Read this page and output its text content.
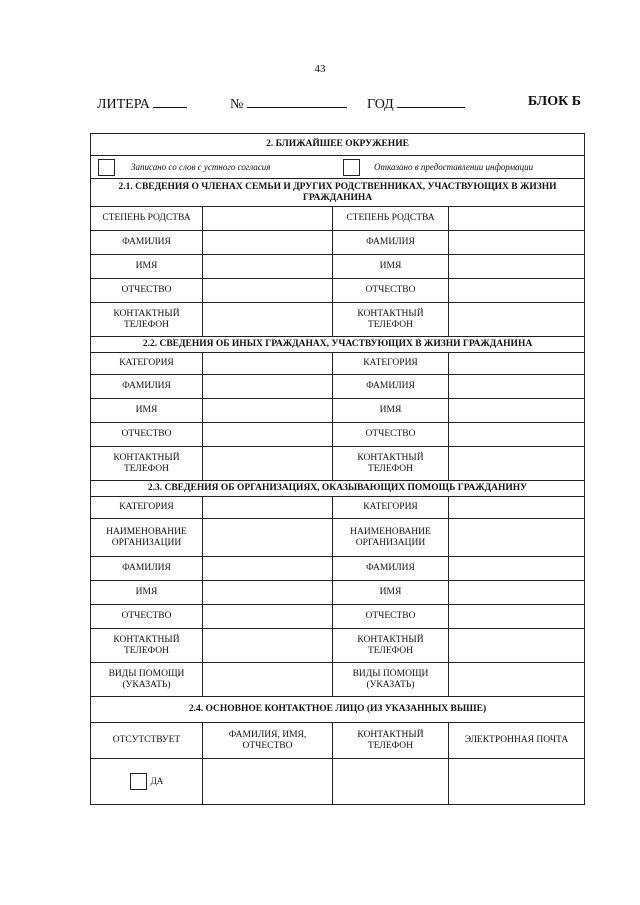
43
ЛИТЕРА	№	ГОД	БЛОК Б
2. БЛИЖАЙШЕЕ ОКРУЖЕНИЕ			

Записано со слов с устного согласия Отказано в предоставлении информации			

2.1. СВЕДЕНИЯ О ЧЛЕНАХ СЕМЬИ И ДРУГИХ РОДСТВЕННИКАХ, УЧАСТВУЮЩИХ В ЖИЗНИ ГРАЖДАНИНА			
СТЕПЕНЬ РОДСТВА		СТЕПЕНЬ РОДСТВА	
ФАМИЛИЯ		ФАМИЛИЯ	
ИМЯ		ИМЯ	
ОТЧЕСТВО		ОТЧЕСТВО	
КОНТАКТНЫЙ ТЕЛЕФОН		КОНТАКТНЫЙ ТЕЛЕФОН	
2.2. СВЕДЕНИЯ ОБ ИНЫХ ГРАЖДАНАХ, УЧАСТВУЮЩИХ В ЖИЗНИ ГРАЖДАНИНА			
КАТЕГОРИЯ		КАТЕГОРИЯ	
ФАМИЛИЯ		ФАМИЛИЯ	
ИМЯ		ИМЯ	
ОТЧЕСТВО		ОТЧЕСТВО	
КОНТАКТНЫЙ ТЕЛЕФОН		КОНТАКТНЫЙ ТЕЛЕФОН	
2.3. СВЕДЕНИЯ ОБ ОРГАНИЗАЦИЯХ, ОКАЗЫВАЮЩИХ ПОМОЩЬ ГРАЖДАНИНУ			
КАТЕГОРИЯ		КАТЕГОРИЯ	
НАИМЕНОВАНИЕ ОРГАНИЗАЦИИ		НАИМЕНОВАНИЕ ОРГАНИЗАЦИИ	
ФАМИЛИЯ		ФАМИЛИЯ	
ИМЯ		ИМЯ	
ОТЧЕСТВО		ОТЧЕСТВО	
КОНТАКТНЫЙ ТЕЛЕФОН		КОНТАКТНЫЙ ТЕЛЕФОН	
ВИДЫ ПОМОЩИ (УКАЗАТЬ)		ВИДЫ ПОМОЩИ (УКАЗАТЬ)	
2.4. ОСНОВНОЕ КОНТАКТНОЕ ЛИЦО (ИЗ УКАЗАННЫХ ВЫШЕ)			
ОТСУТСТВУЕТ	ФАМИЛИЯ, ИМЯ, ОТЧЕСТВО	КОНТАКТНЫЙ ТЕЛЕФОН	ЭЛЕКТРОННАЯ ПОЧТА
ДА			
